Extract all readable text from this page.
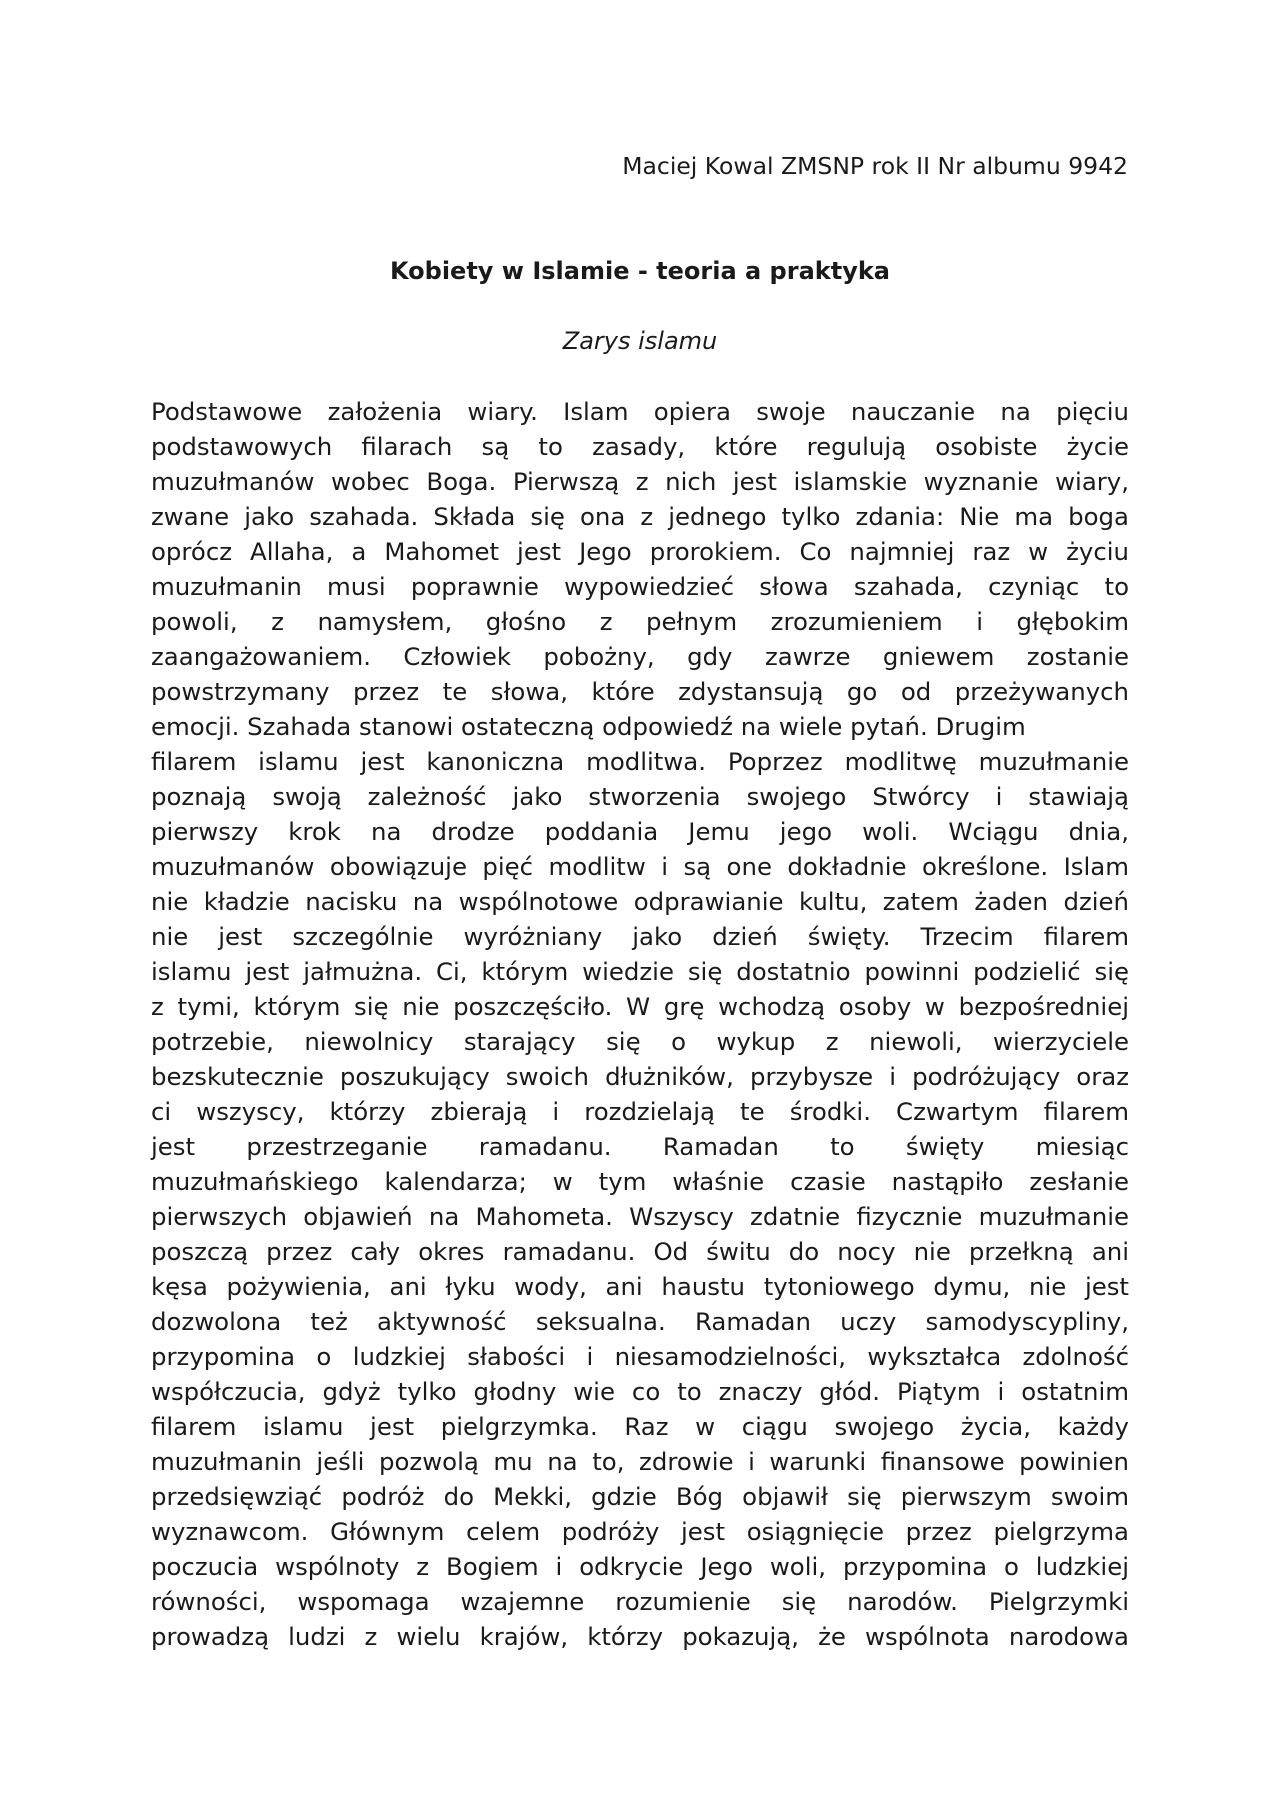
Maciej Kowal ZMSNP rok II Nr albumu 9942
Kobiety w Islamie - teoria a praktyka
Zarys islamu
Podstawowe założenia wiary. Islam opiera swoje nauczanie na pięciu
podstawowych filarach są to zasady, które regulują osobiste życie
muzułmanów wobec Boga. Pierwszą z nich jest islamskie wyznanie wiary,
zwane jako szahada. Składa się ona z jednego tylko zdania: Nie ma boga
oprócz Allaha, a Mahomet jest Jego prorokiem. Co najmniej raz w życiu
muzułmanin musi poprawnie wypowiedzieć słowa szahada, czyniąc to
powoli, z namysłem, głośno z pełnym zrozumieniem i głębokim
zaangażowaniem. Człowiek pobożny, gdy zawrze gniewem zostanie
powstrzymany przez te słowa, które zdystansują go od przeżywanych
emocji. Szahada stanowi ostateczną odpowiedź na wiele pytań. Drugim
filarem islamu jest kanoniczna modlitwa. Poprzez modlitwę muzułmanie
poznają swoją zależność jako stworzenia swojego Stwórcy i stawiają
pierwszy krok na drodze poddania Jemu jego woli. Wciągu dnia,
muzułmanów obowiązuje pięć modlitw i są one dokładnie określone. Islam
nie kładzie nacisku na wspólnotowe odprawianie kultu, zatem żaden dzień
nie jest szczególnie wyróżniany jako dzień święty. Trzecim filarem
islamu jest jałmużna. Ci, którym wiedzie się dostatnio powinni podzielić się
z tymi, którym się nie poszczęściło. W grę wchodzą osoby w bezpośredniej
potrzebie, niewolnicy starający się o wykup z niewoli, wierzyciele
bezskutecznie poszukujący swoich dłużników, przybysze i podróżujący oraz
ci wszyscy, którzy zbierają i rozdzielają te środki. Czwartym filarem
jest przestrzeganie ramadanu. Ramadan to święty miesiąc
muzułmańskiego kalendarza; w tym właśnie czasie nastąpiło zesłanie
pierwszych objawień na Mahometa. Wszyscy zdatnie fizycznie muzułmanie
poszczą przez cały okres ramadanu. Od świtu do nocy nie przełkną ani
kęsa pożywienia, ani łyku wody, ani haustu tytoniowego dymu, nie jest
dozwolona też aktywność seksualna. Ramadan uczy samodyscypliny,
przypomina o ludzkiej słabości i niesamodzielności, wykształca zdolność
współczucia, gdyż tylko głodny wie co to znaczy głód. Piątym i ostatnim
filarem islamu jest pielgrzymka. Raz w ciągu swojego życia, każdy
muzułmanin jeśli pozwolą mu na to, zdrowie i warunki finansowe powinien
przedsięwziąć podróż do Mekki, gdzie Bóg objawił się pierwszym swoim
wyznawcom. Głównym celem podróży jest osiągnięcie przez pielgrzyma
poczucia wspólnoty z Bogiem i odkrycie Jego woli, przypomina o ludzkiej
równości, wspomaga wzajemne rozumienie się narodów. Pielgrzymki
prowadzą ludzi z wielu krajów, którzy pokazują, że wspólnota narodowa
